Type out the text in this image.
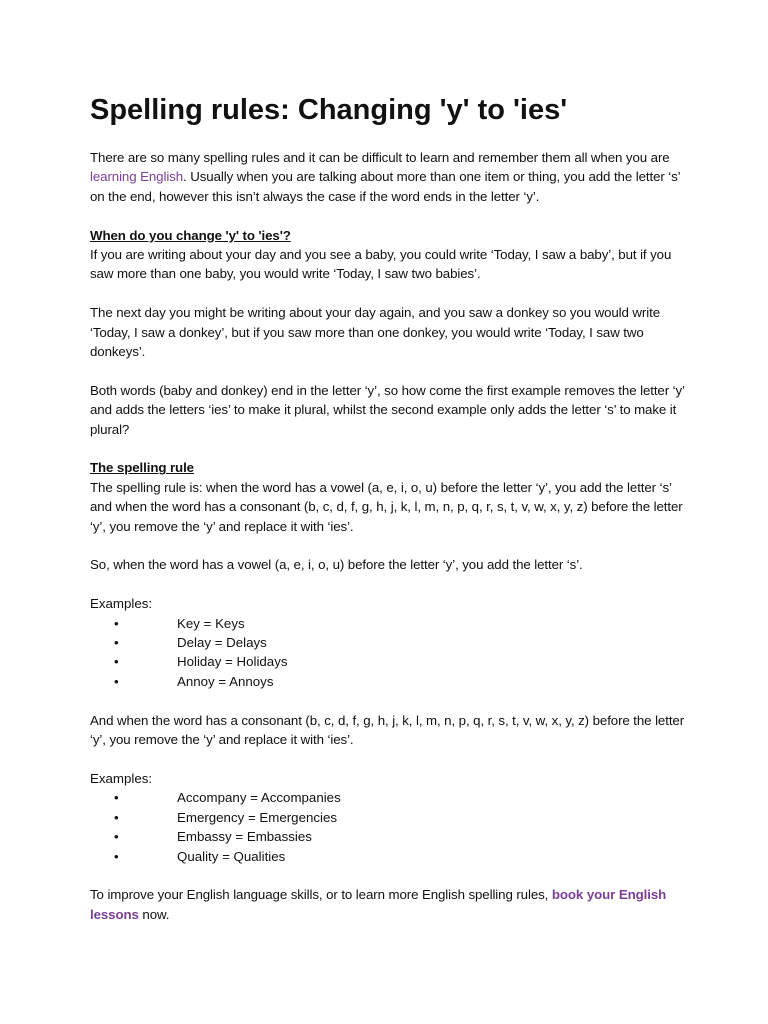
Spelling rules: Changing 'y' to 'ies'

There are so many spelling rules and it can be difficult to learn and remember them all when you are learning English. Usually when you are talking about more than one item or thing, you add the letter ‘s’ on the end, however this isn’t always the case if the word ends in the letter ‘y’.

When do you change 'y' to 'ies'?
If you are writing about your day and you see a baby, you could write ‘Today, I saw a baby’, but if you saw more than one baby, you would write ‘Today, I saw two babies’.

The next day you might be writing about your day again, and you saw a donkey so you would write ‘Today, I saw a donkey’, but if you saw more than one donkey, you would write ‘Today, I saw two donkeys’.

Both words (baby and donkey) end in the letter ‘y’, so how come the first example removes the letter ‘y’ and adds the letters ‘ies’ to make it plural, whilst the second example only adds the letter ‘s’ to make it plural?

The spelling rule
The spelling rule is: when the word has a vowel (a, e, i, o, u) before the letter ‘y’, you add the letter ‘s’ and when the word has a consonant (b, c, d, f, g, h, j, k, l, m, n, p, q, r, s, t, v, w, x, y, z) before the letter ‘y’, you remove the ‘y’ and replace it with ‘ies’.

So, when the word has a vowel (a, e, i, o, u) before the letter ‘y’, you add the letter ‘s’.

Examples:

•	Key = Keys
•	Delay = Delays
•	Holiday = Holidays
•	Annoy = Annoys

And when the word has a consonant (b, c, d, f, g, h, j, k, l, m, n, p, q, r, s, t, v, w, x, y, z) before the letter ‘y’, you remove the ‘y’ and replace it with ‘ies’.

Examples:

•	Accompany = Accompanies
•	Emergency = Emergencies
•	Embassy = Embassies
•	Quality = Qualities

To improve your English language skills, or to learn more English spelling rules, book your English lessons now.
